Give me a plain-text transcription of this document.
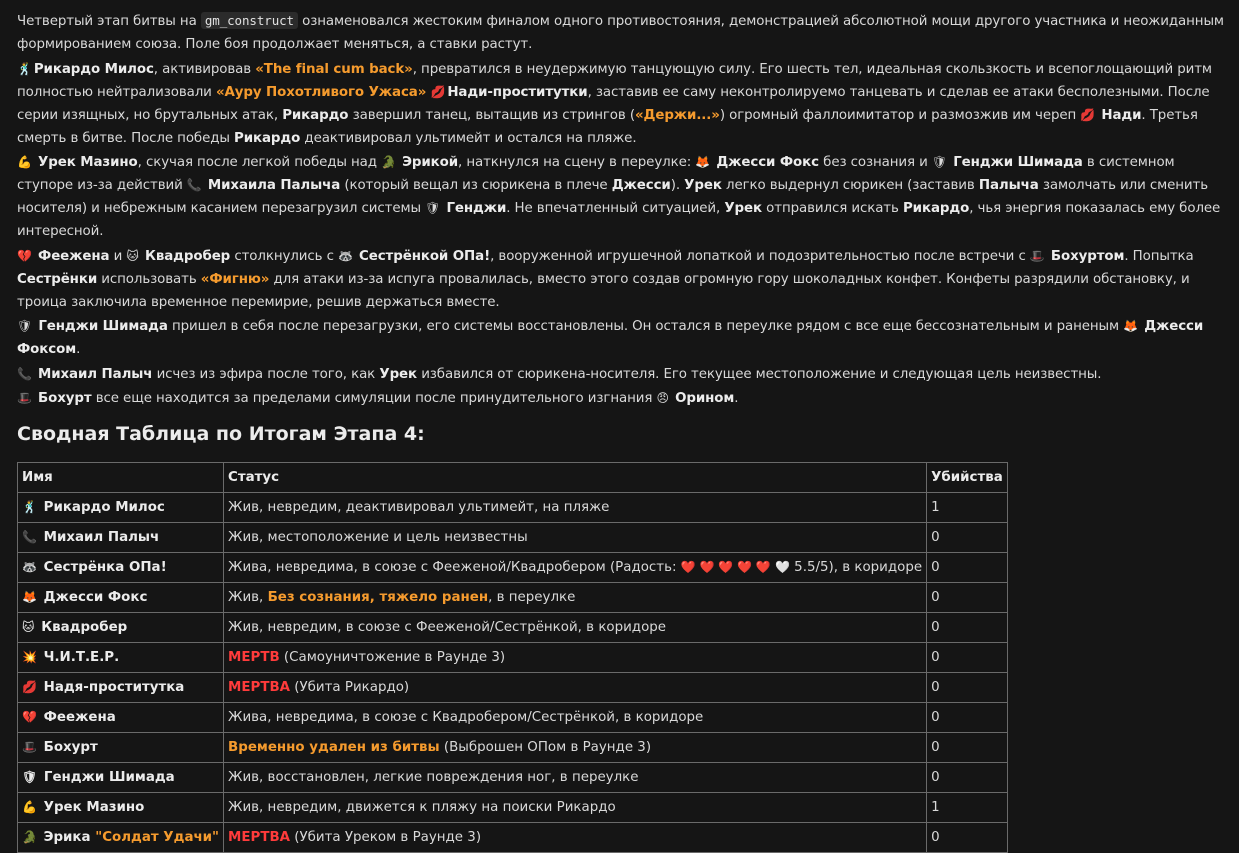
Четвертый этап битвы на gm_construct ознаменовался жестоким финалом одного противостояния, демонстрацией абсолютной мощи другого участника и неожиданным формированием союза. Поле боя продолжает меняться, а ставки растут.

🕺 Рикардо Милос, активировав «The final cum back», превратился в неудержимую танцующую силу. Его шесть тел, идеальная скользкость и всепоглощающий ритм полностью нейтрализовали «Ауру Похотливого Ужаса» 💋 Нади-проститутки, заставив ее саму неконтролируемо танцевать и сделав ее атаки бесполезными. После серии изящных, но брутальных атак, Рикардо завершил танец, вытащив из стрингов («Держи...») огромный фаллоимитатор и размозжив им череп 💋 Нади. Третья смерть в битве. После победы Рикардо деактивировал ультимейт и остался на пляже.

💪 Урек Мазино, скучая после легкой победы над 🐊 Эрикой, наткнулся на сцену в переулке: 🦊 Джесси Фокс без сознания и 🛡 Генджи Шимада в системном ступоре из-за действий 📞 Михаила Палыча (который вещал из сюрикена в плече Джесси). Урек легко выдернул сюрикен (заставив Палыча замолчать или сменить носителя) и небрежным касанием перезагрузил системы 🛡 Генджи. Не впечатленный ситуацией, Урек отправился искать Рикардо, чья энергия показалась ему более интересной.

💔 Феежена и 🐱 Квадробер столкнулись с 🦝 Сестрёнкой ОПа!, вооруженной игрушечной лопаткой и подозрительностью после встречи с 🎩 Бохуртом. Попытка Сестрёнки использовать «Фигню» для атаки из-за испуга провалилась, вместо этого создав огромную гору шоколадных конфет. Конфеты разрядили обстановку, и троица заключила временное перемирие, решив держаться вместе.

🛡 Генджи Шимада пришел в себя после перезагрузки, его системы восстановлены. Он остался в переулке рядом с все еще бессознательным и раненым 🦊 Джесси Фоксом.

📞 Михаил Палыч исчез из эфира после того, как Урек избавился от сюрикена-носителя. Его текущее местоположение и следующая цель неизвестны.

🎩 Бохурт все еще находится за пределами симуляции после принудительного изгнания 😠 Орином.

Сводная Таблица по Итогам Этапа 4:
Имя	Статус	Убийства
🕺 Рикардо Милос	Жив, невредим, деактивировал ультимейт, на пляже	1
📞 Михаил Палыч	Жив, местоположение и цель неизвестны	0
🦝 Сестрёнка ОПа!	Жива, невредима, в союзе с Фееженой/Квадробером (Радость: ❤️ ❤️ ❤️ ❤️ ❤️ 🤍 5.5/5), в коридоре	0
🦊 Джесси Фокс	Жив, Без сознания, тяжело ранен, в переулке	0
🐱 Квадробер	Жив, невредим, в союзе с Фееженой/Сестрёнкой, в коридоре	0
💥 Ч.И.Т.Е.Р.	МЕРТВ (Самоуничтожение в Раунде 3)	0
💋 Надя-проститутка	МЕРТВА (Убита Рикардо)	0
💔 Феежена	Жива, невредима, в союзе с Квадробером/Сестрёнкой, в коридоре	0
🎩 Бохурт	Временно удален из битвы (Выброшен ОПом в Раунде 3)	0
🛡 Генджи Шимада	Жив, восстановлен, легкие повреждения ног, в переулке	0
💪 Урек Мазино	Жив, невредим, движется к пляжу на поиски Рикардо	1
🐊 Эрика "Солдат Удачи"	МЕРТВА (Убита Уреком в Раунде 3)	0
